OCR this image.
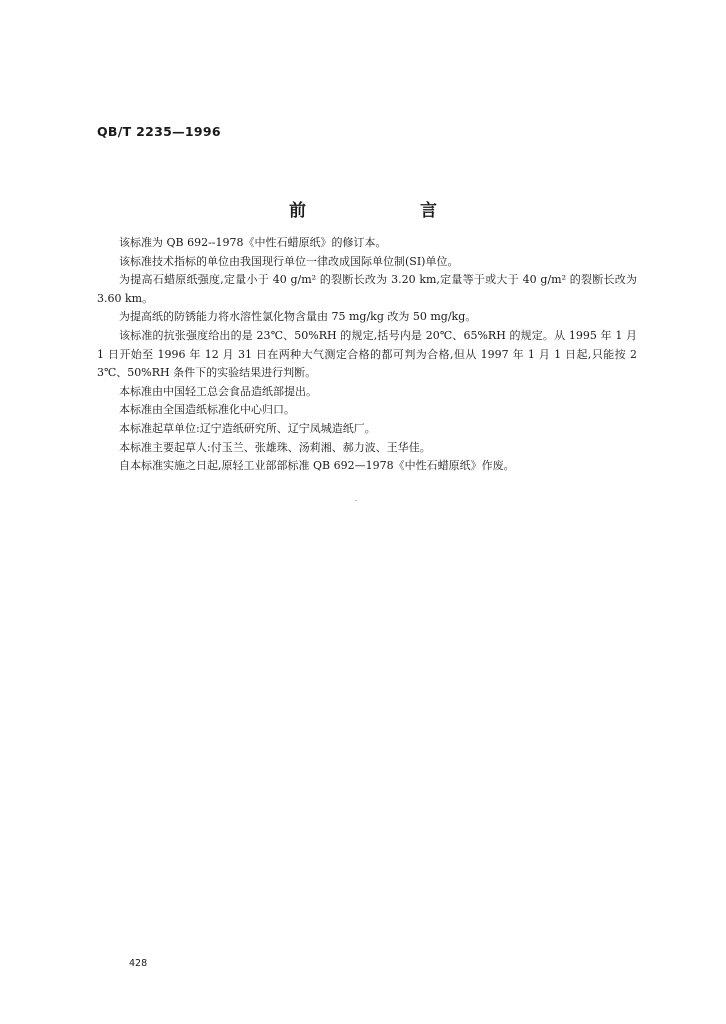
QB/T 2235—1996
前 言

该标准为 QB 692--1978《中性石蜡原纸》的修订本。

该标准技术指标的单位由我国现行单位一律改成国际单位制(SI)单位。

为提高石蜡原纸强度,定量小于 40 g/m² 的裂断长改为 3.20 km,定量等于或大于 40 g/m² 的裂断长改为 3.60 km。

为提高纸的防锈能力将水溶性氯化物含量由 75 mg/kg 改为 50 mg/kg。

该标准的抗张强度给出的是 23℃、50%RH 的规定,括号内是 20℃、65%RH 的规定。从 1995 年 1 月 1 日开始至 1996 年 12 月 31 日在两种大气测定合格的都可判为合格,但从 1997 年 1 月 1 日起,只能按 23℃、50%RH 条件下的实验结果进行判断。

本标准由中国轻工总会食品造纸部提出。

本标准由全国造纸标准化中心归口。

本标准起草单位:辽宁造纸研究所、辽宁凤城造纸厂。

本标准主要起草人:付玉兰、张雄珠、汤莉湘、郝力波、王华佳。

自本标准实施之日起,原轻工业部部标准 QB 692—1978《中性石蜡原纸》作废。

428
